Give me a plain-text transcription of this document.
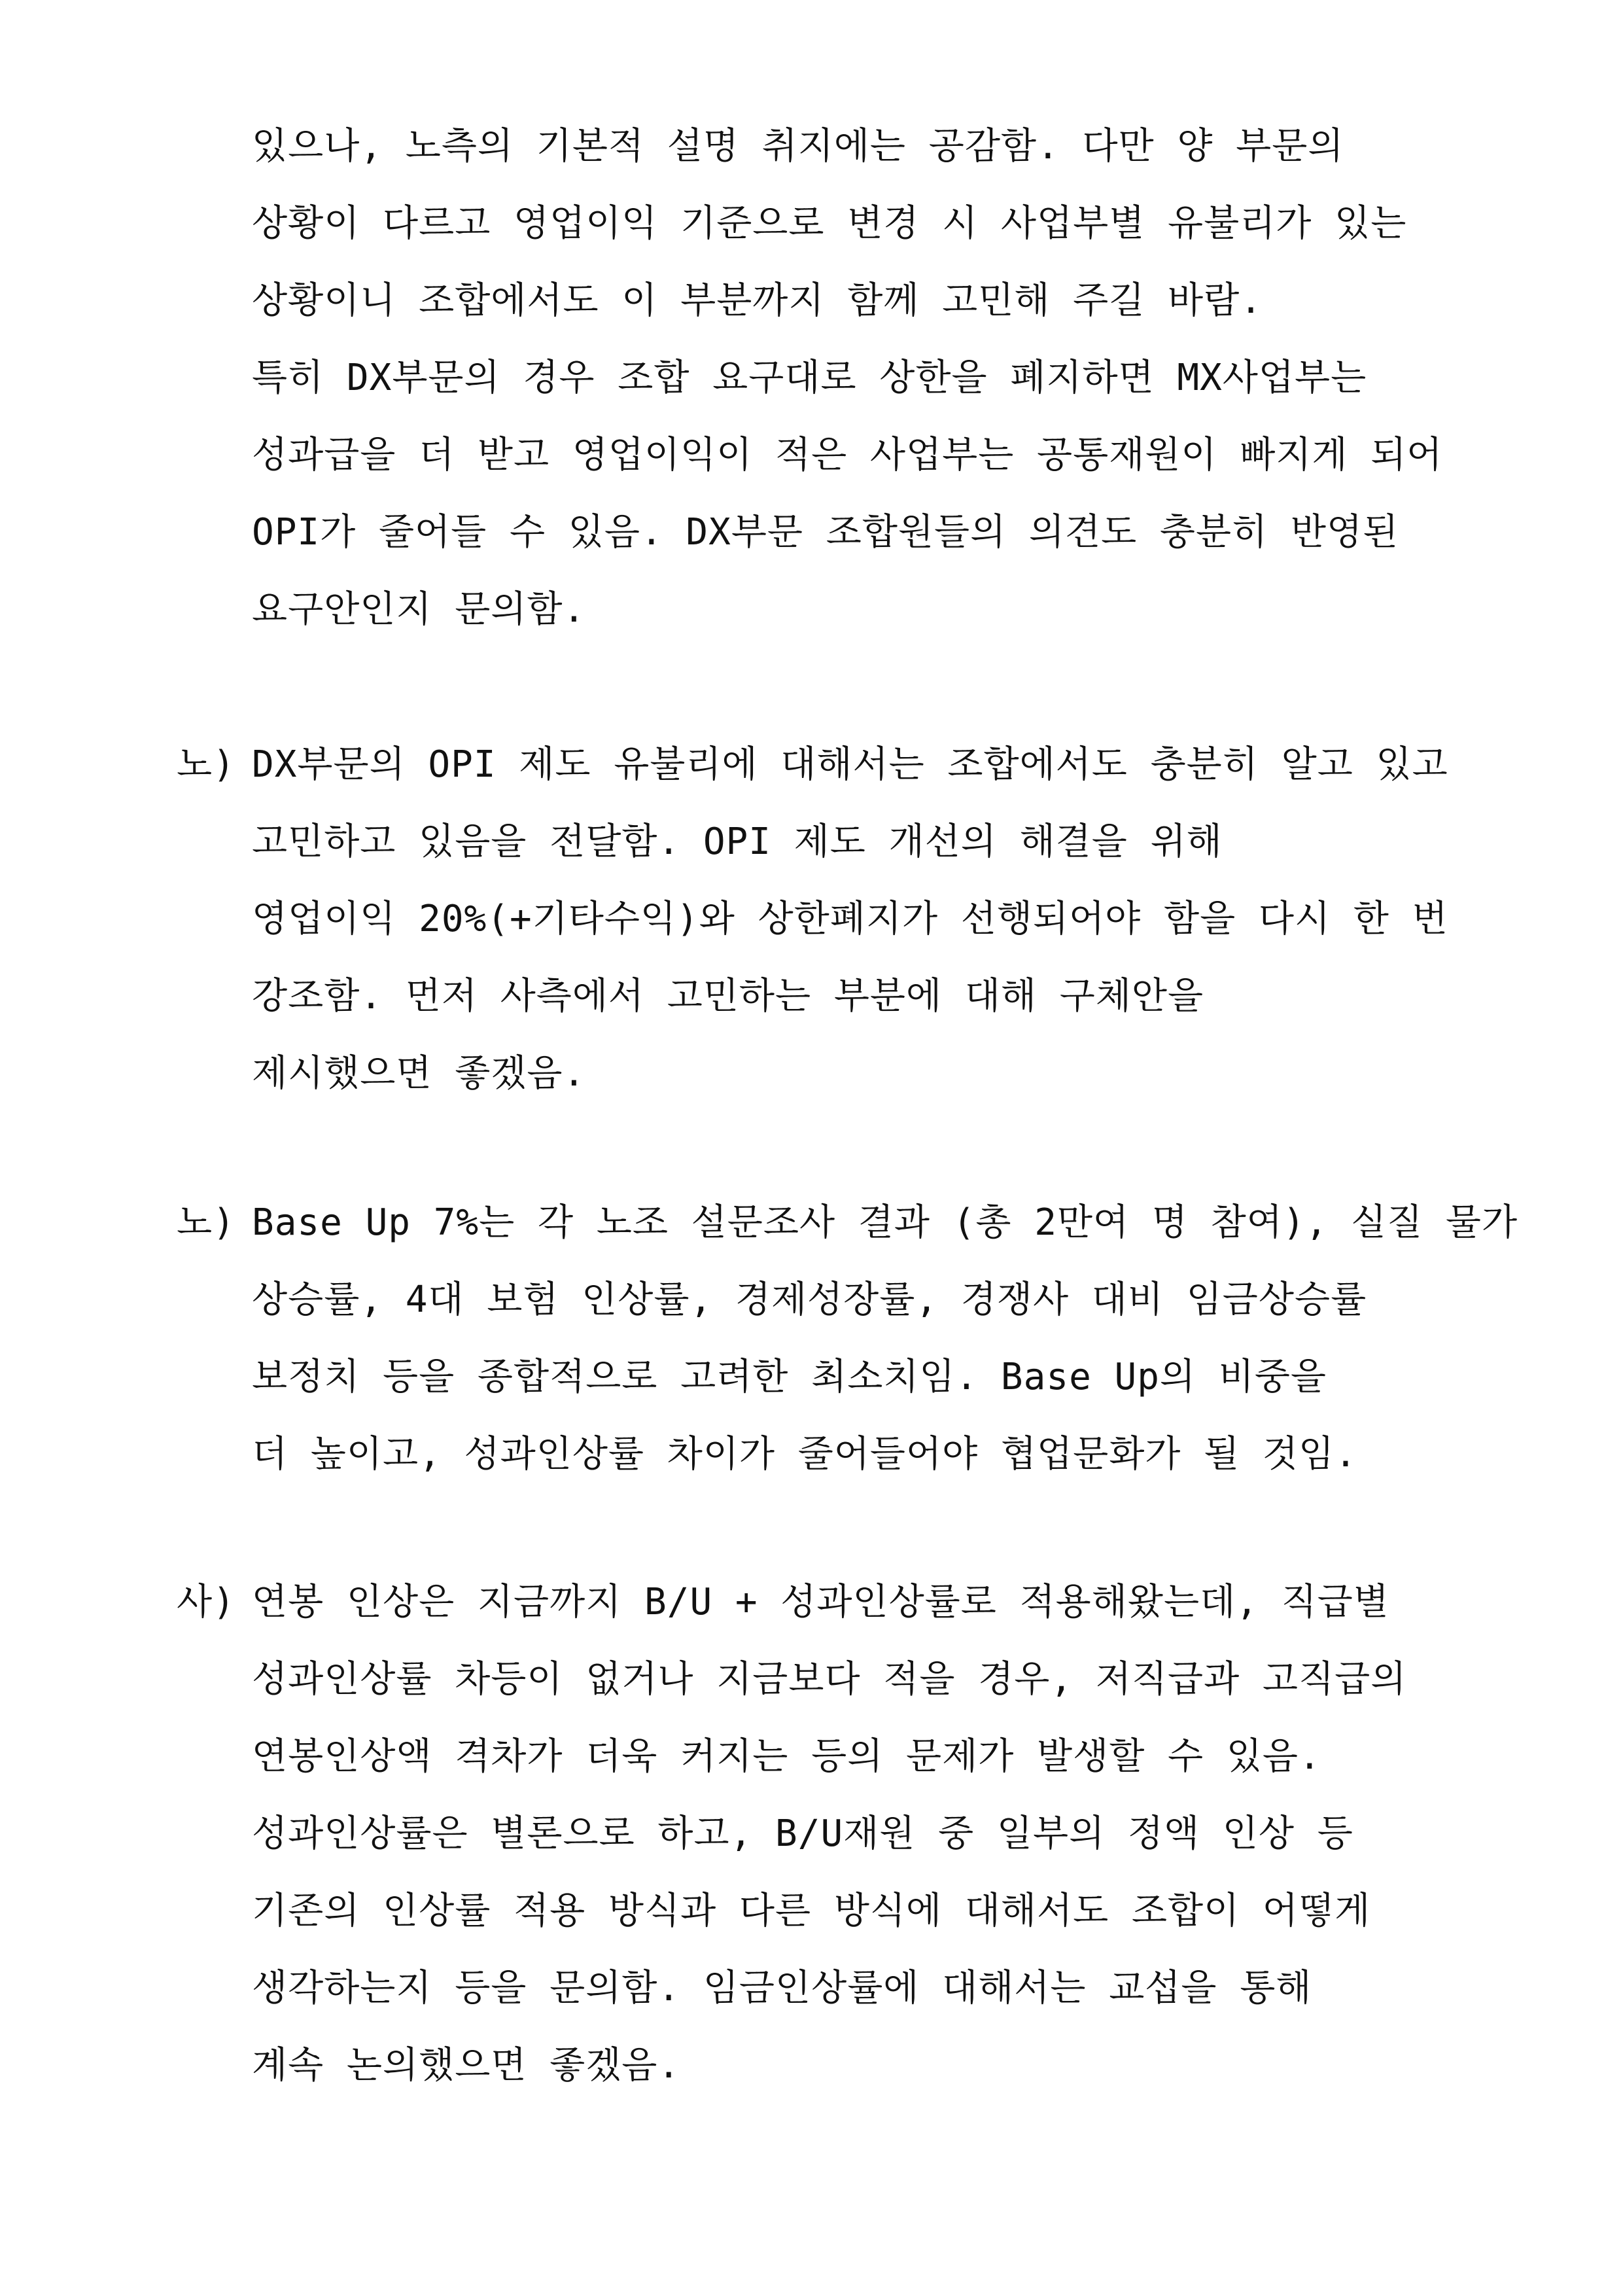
있으나, 노측의 기본적 설명 취지에는 공감함. 다만 양 부문의
상황이 다르고 영업이익 기준으로 변경 시 사업부별 유불리가 있는
상황이니 조합에서도 이 부분까지 함께 고민해 주길 바람.
특히 DX부문의 경우 조합 요구대로 상한을 폐지하면 MX사업부는
성과급을 더 받고 영업이익이 적은 사업부는 공통재원이 빠지게 되어
OPI가 줄어들 수 있음. DX부문 조합원들의 의견도 충분히 반영된
요구안인지 문의함.
노) DX부문의 OPI 제도 유불리에 대해서는 조합에서도 충분히 알고 있고
고민하고 있음을 전달함. OPI 제도 개선의 해결을 위해
영업이익 20%(+기타수익)와 상한폐지가 선행되어야 함을 다시 한 번
강조함. 먼저 사측에서 고민하는 부분에 대해 구체안을
제시했으면 좋겠음.
노) Base Up 7%는 각 노조 설문조사 결과 (총 2만여 명 참여), 실질 물가
상승률, 4대 보험 인상률, 경제성장률, 경쟁사 대비 임금상승률
보정치 등을 종합적으로 고려한 최소치임. Base Up의 비중을
더 높이고, 성과인상률 차이가 줄어들어야 협업문화가 될 것임.
사) 연봉 인상은 지금까지 B/U + 성과인상률로 적용해왔는데, 직급별
성과인상률 차등이 없거나 지금보다 적을 경우, 저직급과 고직급의
연봉인상액 격차가 더욱 커지는 등의 문제가 발생할 수 있음.
성과인상률은 별론으로 하고, B/U재원 중 일부의 정액 인상 등
기존의 인상률 적용 방식과 다른 방식에 대해서도 조합이 어떻게
생각하는지 등을 문의함. 임금인상률에 대해서는 교섭을 통해
계속 논의했으면 좋겠음.
